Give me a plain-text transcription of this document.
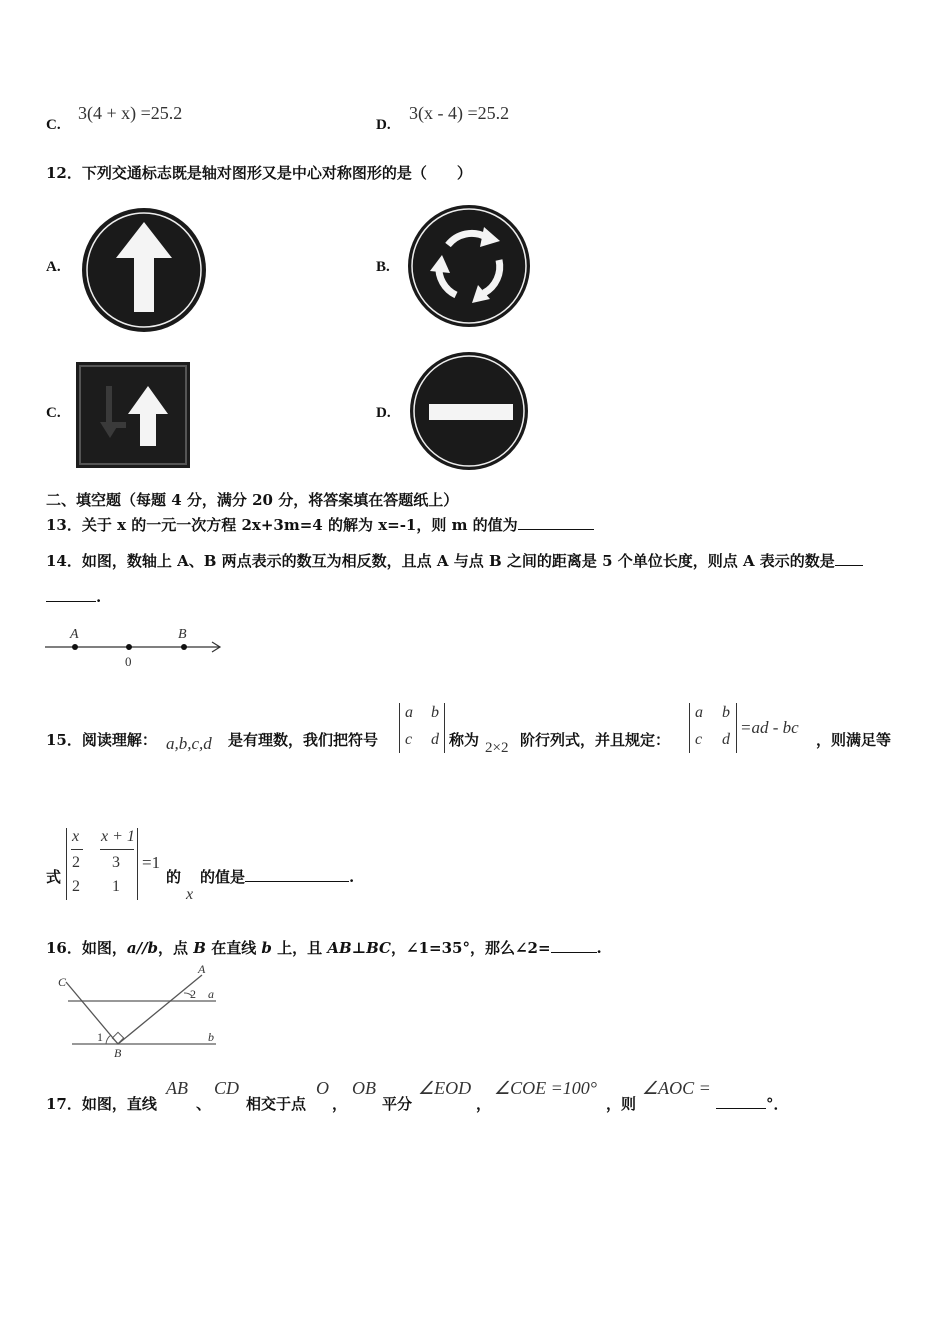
C.
3(4 + x) =25.2
D.
3(x - 4) =25.2
12．下列交通标志既是轴对图形又是中心对称图形的是（　　）
A.	B.
C.	D.
二、填空题（每题 4 分，满分 20 分，将答案填在答题纸上）
13．关于 x 的一元一次方程 2x+3m=4 的解为 x=-1，则 m 的值为
14．如图，数轴上 A、B 两点表示的数互为相反数，且点 A 与点 B 之间的距离是 5 个单位长度，则点 A 表示的数是
.
A	B
0
15．阅读理解： a,b,c,d 是有理数，我们把符号
a b
c d 称为 2×2 阶行列式，并且规定：
a b
c d
=ad - bc
，则满足等
式
x
2
x + 1
3
2 1
=1
的
x
的值是	.
16．如图，a//b，点 B 在直线 b 上，且 AB⊥BC，∠1=35°，那么∠2=	.
C
A
a
b
1
2
B
17．如图，直线
AB
、
CD
相交于点
O
，
OB
平分
∠EOD
，
∠COE =100°
，则
∠AOC =
°．
